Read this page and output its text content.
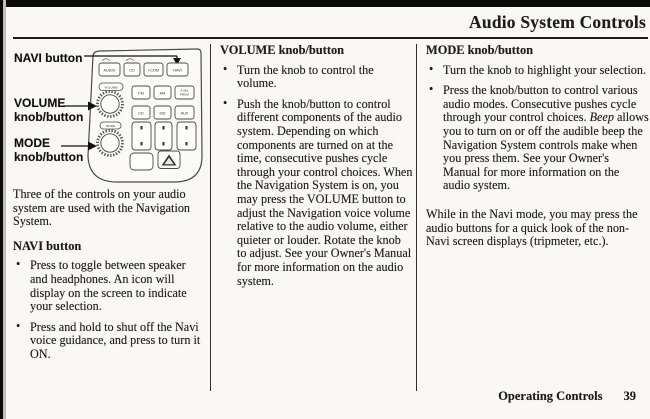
Audio System Controls
NAVI button
VOLUME
knob/button
MODE
knob/button
AUDIO	CD	I-COM	NAVI
FM	AM
A.SEL
PRGM
CD	MD	AUX
VOLUME
MODE

Three of the controls on your audio system are used with the Navigation System.

NAVI button
• Press to toggle between speaker and headphones. An icon will display on the screen to indicate your selection.
• Press and hold to shut off the Navi voice guidance, and press to turn it ON.
VOLUME knob/button
• Turn the knob to control the volume.
• Push the knob/button to control different components of the audio system. Depending on which components are turned on at the time, consecutive pushes cycle through your control choices. When the Navigation System is on, you may press the VOLUME button to adjust the Navigation voice volume relative to the audio volume, either quieter or louder. Rotate the knob to adjust. See your Owner's Manual for more information on the audio system.
MODE knob/button
• Turn the knob to highlight your selection.
• Press the knob/button to control various audio modes. Consecutive pushes cycle through your control choices. Beep allows you to turn on or off the audible beep the Navigation System controls make when you press them. See your Owner's Manual for more information on the audio system.

While in the Navi mode, you may press the audio buttons for a quick look of the non-Navi screen displays (tripmeter, etc.).

Operating Controls 39
